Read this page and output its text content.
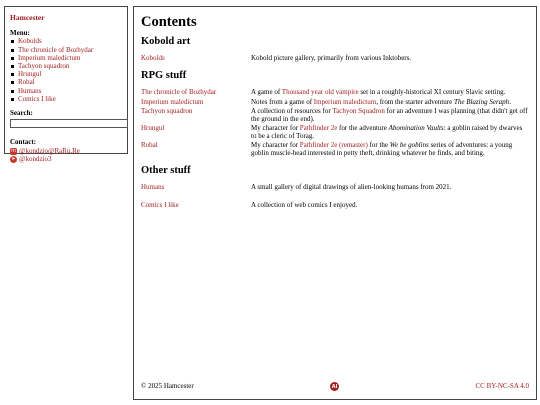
Hamcester
Menu:
Kobolds
The chronicle of Bozhydar
Imperium maledictum
Tachyon squadron
Hrungul
Robal
Humans
Comics I like
Search:
Contact:
m @kondzio@RaRu.Re
➤ @kondzio3
Contents
Kobold art
Kobolds	Kobold picture gallery, primarily from various Inktobers.
RPG stuff
The chronicle of Bozhydar	A game of Thousand year old vampire set in a roughly-historical XI century Slavic setting.
Imperium maledictum	Notes from a game of Imperium maledictum, from the starter adventure The Blazing Seraph.
Tachyon squadron	A collection of resources for Tachyon Squadron for an adventure I was planning (that didn't get off the ground in the end).
Hrungul	My character for Pathfinder 2e for the adventure Abomination Vaults: a goblin raised by dwarves to be a cleric of Torag.
Robal	My character for Pathfinder 2e (remaster) for the We be goblins series of adventures: a young goblin muscle-head interested in petty theft, drinking whatever he finds, and biting.
Other stuff
Humans	A small gallery of digital drawings of alien-looking humans from 2021.
Comics I like	A collection of web comics I enjoyed.
© 2025 Hamcester	AI	CC BY-NC-SA 4.0
